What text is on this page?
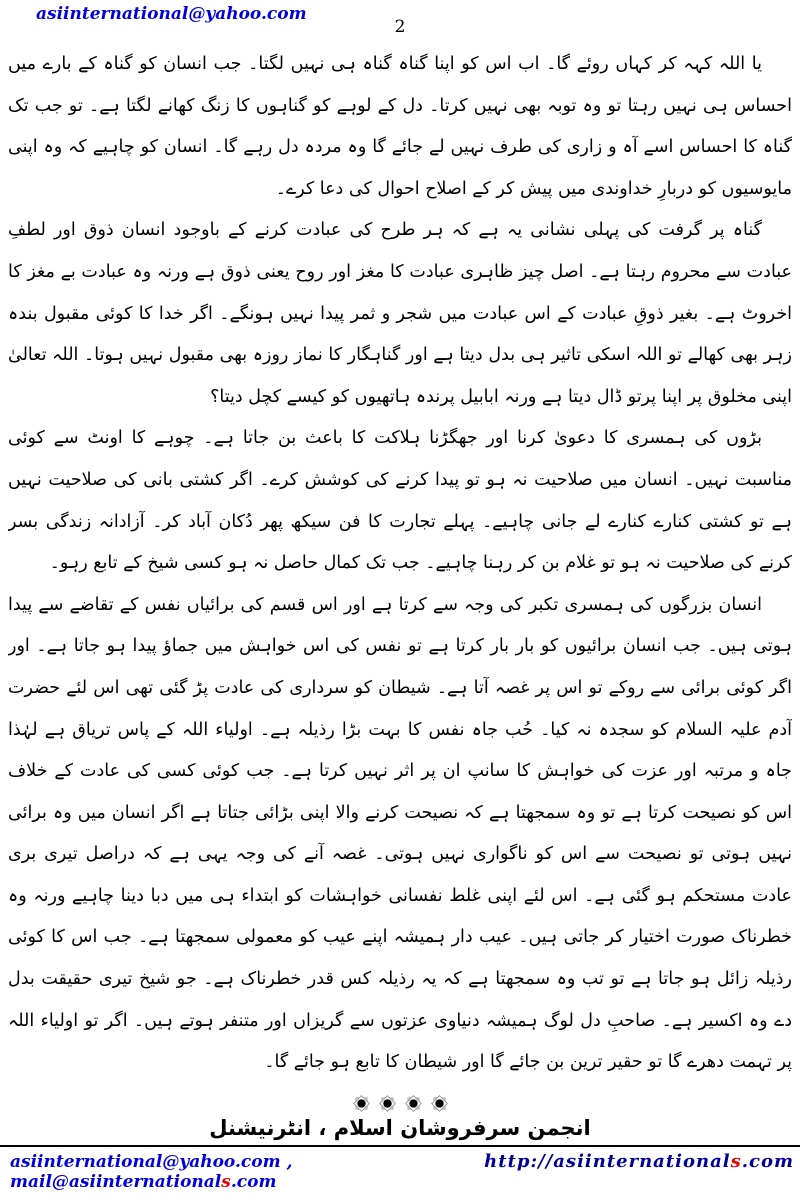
asiinternational@yahoo.com
2

یا اللہ کہہ کر کہاں روئے گا۔ اب اس کو اپنا گناہ گناہ ہی نہیں لگتا۔ جب انسان کو گناہ کے بارے میں احساس ہی نہیں رہتا تو وہ توبہ بھی نہیں کرتا۔ دل کے لوہے کو گناہوں کا زنگ کھانے لگتا ہے۔ تو جب تک گناہ کا احساس اسے آہ و زاری کی طرف نہیں لے جائے گا وہ مردہ دل رہے گا۔ انسان کو چاہیے کہ وہ اپنی مایوسیوں کو دربارِ خداوندی میں پیش کر کے اصلاح احوال کی دعا کرے۔

گناہ پر گرفت کی پہلی نشانی یہ ہے کہ ہر طرح کی عبادت کرنے کے باوجود انسان ذوق اور لطفِ عبادت سے محروم رہتا ہے۔ اصل چیز ظاہری عبادت کا مغز اور روح یعنی ذوق ہے ورنہ وہ عبادت بے مغز کا اخروٹ ہے۔ بغیر ذوقِ عبادت کے اس عبادت میں شجر و ثمر پیدا نہیں ہونگے۔ اگر خدا کا کوئی مقبول بندہ زہر بھی کھالے تو اللہ اسکی تاثیر ہی بدل دیتا ہے اور گناہگار کا نماز روزہ بھی مقبول نہیں ہوتا۔ اللہ تعالیٰ اپنی مخلوق پر اپنا پرتو ڈال دیتا ہے ورنہ ابابیل پرندہ ہاتھیوں کو کیسے کچل دیتا؟

بڑوں کی ہمسری کا دعویٰ کرنا اور جھگڑنا ہلاکت کا باعث بن جاتا ہے۔ چوہے کا اونٹ سے کوئی مناسبت نہیں۔ انسان میں صلاحیت نہ ہو تو پیدا کرنے کی کوشش کرے۔ اگر کشتی بانی کی صلاحیت نہیں ہے تو کشتی کنارے کنارے لے جانی چاہیے۔ پہلے تجارت کا فن سیکھ پھر دُکان آباد کر۔ آزادانہ زندگی بسر کرنے کی صلاحیت نہ ہو تو غلام بن کر رہنا چاہیے۔ جب تک کمال حاصل نہ ہو کسی شیخ کے تابع رہو۔

انسان بزرگوں کی ہمسری تکبر کی وجہ سے کرتا ہے اور اس قسم کی برائیاں نفس کے تقاضے سے پیدا ہوتی ہیں۔ جب انسان برائیوں کو بار بار کرتا ہے تو نفس کی اس خواہش میں جماؤ پیدا ہو جاتا ہے۔ اور اگر کوئی برائی سے روکے تو اس پر غصہ آتا ہے۔ شیطان کو سرداری کی عادت پڑ گئی تھی اس لئے حضرت آدم علیہ السلام کو سجدہ نہ کیا۔ حُب جاہ نفس کا بہت بڑا رذیلہ ہے۔ اولیاء اللہ کے پاس تریاق ہے لہٰذا جاہ و مرتبہ اور عزت کی خواہش کا سانپ ان پر اثر نہیں کرتا ہے۔ جب کوئی کسی کی عادت کے خلاف اس کو نصیحت کرتا ہے تو وہ سمجھتا ہے کہ نصیحت کرنے والا اپنی بڑائی جتاتا ہے اگر انسان میں وہ برائی نہیں ہوتی تو نصیحت سے اس کو ناگواری نہیں ہوتی۔ غصہ آنے کی وجہ یہی ہے کہ دراصل تیری بری عادت مستحکم ہو گئی ہے۔ اس لئے اپنی غلط نفسانی خواہشات کو ابتداء ہی میں دبا دینا چاہیے ورنہ وہ خطرناک صورت اختیار کر جاتی ہیں۔ عیب دار ہمیشہ اپنے عیب کو معمولی سمجھتا ہے۔ جب اس کا کوئی رذیلہ زائل ہو جاتا ہے تو تب وہ سمجھتا ہے کہ یہ رذیلہ کس قدر خطرناک ہے۔ جو شیخ تیری حقیقت بدل دے وہ اکسیر ہے۔ صاحبِ دل لوگ ہمیشہ دنیاوی عزتوں سے گریزاں اور متنفر ہوتے ہیں۔ اگر تو اولیاء اللہ پر تہمت دھرے گا تو حقیر ترین بن جائے گا اور شیطان کا تابع ہو جائے گا۔

انجمن سرفروشان اسلام ، انٹرنیشنل
asiinternational@yahoo.com , mail@asiinternationals.com
http://asiinternationals.com
